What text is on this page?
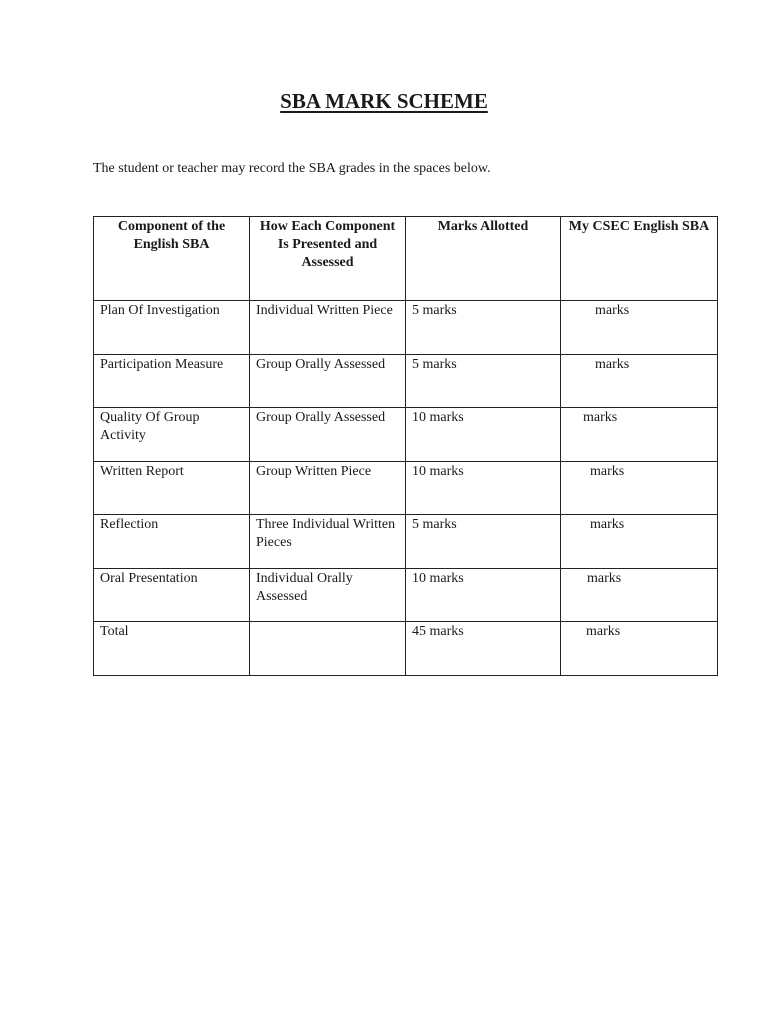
SBA MARK SCHEME
The student or teacher may record the SBA grades in the spaces below.
Component of the English SBA	How Each Component Is Presented and Assessed	Marks Allotted	My CSEC English SBA
Plan Of Investigation	Individual Written Piece	5 marks	marks
Participation Measure	Group Orally Assessed	5 marks	marks
Quality Of Group Activity	Group Orally Assessed	10 marks	marks
Written Report	Group Written Piece	10 marks	marks
Reflection	Three Individual Written Pieces	5 marks	marks
Oral Presentation	Individual Orally Assessed	10 marks	marks
Total		45 marks	marks
